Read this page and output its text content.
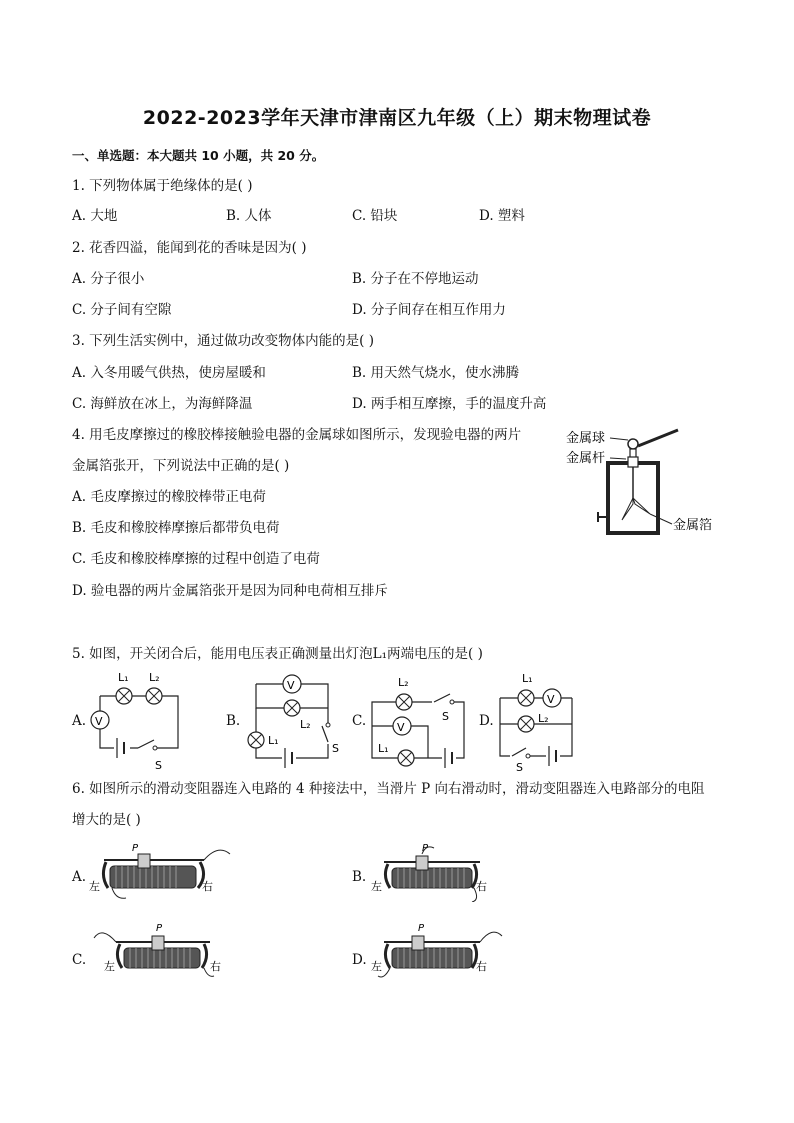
2022-2023学年天津市津南区九年级（上）期末物理试卷
一、单选题：本大题共 10 小题，共 20 分。
1. 下列物体属于绝缘体的是( )
A. 大地	B. 人体	C. 铅块	D. 塑料
2. 花香四溢，能闻到花的香味是因为( )
A. 分子很小	B. 分子在不停地运动
C. 分子间有空隙	D. 分子间存在相互作用力
3. 下列生活实例中，通过做功改变物体内能的是( )
A. 入冬用暖气供热，使房屋暖和	B. 用天然气烧水，使水沸腾
C. 海鲜放在冰上，为海鲜降温	D. 两手相互摩擦，手的温度升高
4. 用毛皮摩擦过的橡胶棒接触验电器的金属球如图所示，发现验电器的两片
金属箔张开，下列说法中正确的是( )
A. 毛皮摩擦过的橡胶棒带正电荷
B. 毛皮和橡胶棒摩擦后都带负电荷
C. 毛皮和橡胶棒摩擦的过程中创造了电荷
D. 验电器的两片金属箔张开是因为同种电荷相互排斥
金属球
金属杆
金属箔
5. 如图，开关闭合后，能用电压表正确测量出灯泡L₁两端电压的是( )
A. V
L₁ L₂
S
B.
V
L₂
L₁
S
C.
L₂
S
V
L₁
D.
L₁
V
L₂
S
6. 如图所示的滑动变阻器连入电路的 4 种接法中，当滑片 P 向右滑动时，滑动变阻器连入电路部分的电阻
增大的是( )
A.	B.
C.	D.
P
左	右
P
左	右
P
左	右
P
左	右
